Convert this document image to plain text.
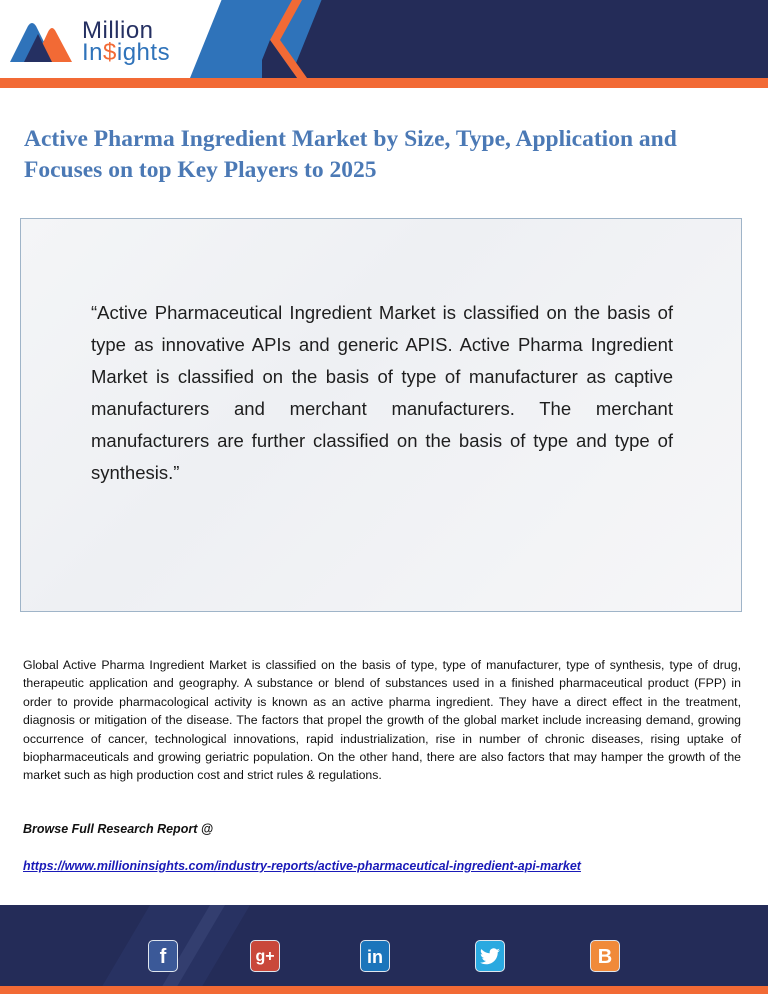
Million
In$ights
Active Pharma Ingredient Market by Size, Type, Application and Focuses on top Key Players to 2025

“Active Pharmaceutical Ingredient Market is classified on the basis of type as innovative APIs and generic APIS. Active Pharma Ingredient Market is classified on the basis of type of manufacturer as captive manufacturers and merchant manufacturers. The merchant manufacturers are further classified on the basis of type and type of synthesis.”

Global Active Pharma Ingredient Market is classified on the basis of type, type of manufacturer, type of synthesis, type of drug, therapeutic application and geography. A substance or blend of substances used in a finished pharmaceutical product (FPP) in order to provide pharmacological activity is known as an active pharma ingredient. They have a direct effect in the treatment, diagnosis or mitigation of the disease. The factors that propel the growth of the global market include increasing demand, growing occurrence of cancer, technological innovations, rapid industrialization, rise in number of chronic diseases, rising uptake of biopharmaceuticals and growing geriatric population. On the other hand, there are also factors that may hamper the growth of the market such as high production cost and strict rules & regulations.

Browse Full Research Report @
https://www.millioninsights.com/industry-reports/active-pharmaceutical-ingredient-api-market
f	g+	in	B
